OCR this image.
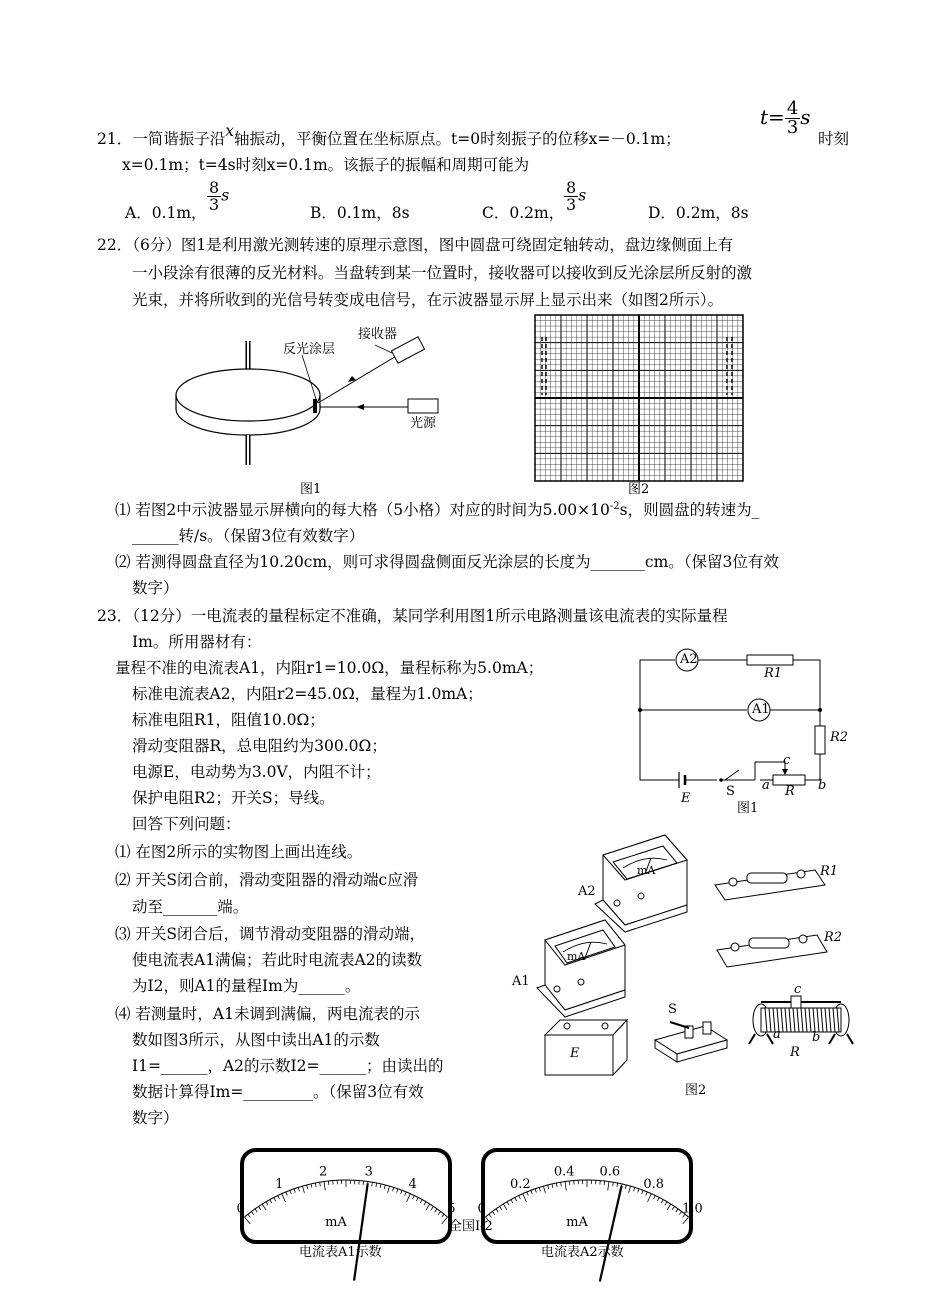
21．一简谐振子沿x轴振动，平衡位置在坐标原点。t=0时刻振子的位移x=－0.1m；
$t= \frac{4}{3}$ s
时刻
x=0.1m；t=4s时刻x=0.1m。该振子的振幅和周期可能为
A．0.1m， $\frac{8}{3}$ s
B．0.1m，8s	C．0.2m， $\frac{8}{3}$ s
D．0.2m，8s
22．（6分）图1是利用激光测转速的原理示意图，图中圆盘可绕固定轴转动，盘边缘侧面上有
一小段涂有很薄的反光材料。当盘转到某一位置时，接收器可以接收到反光涂层所反射的激
光束，并将所收到的光信号转变成电信号，在示波器显示屏上显示出来（如图2所示）。
反光涂层
接收器
光源
图1	图2
⑴ 若图2中示波器显示屏横向的每大格（5小格）对应的时间为$5.00\times 10^{-2}s$，则圆盘的转速为_
______转/s。（保留3位有效数字）
⑵ 若测得圆盘直径为10.20cm，则可求得圆盘侧面反光涂层的长度为_______cm。（保留3位有效
数字）
23．（12分）一电流表的量程标定不准确，某同学利用图1所示电路测量该电流表的实际量程
Im。所用器材有：
量程不准的电流表A1，内阻r1=10.0Ω，量程标称为5.0mA；
标准电流表A2，内阻r2=45.0Ω，量程为1.0mA；
标准电阻R1，阻值10.0Ω；
滑动变阻器R，总电阻约为300.0Ω；
电源E，电动势为3.0V，内阻不计；
保护电阻R2；开关S；导线。
回答下列问题：
⑴ 在图2所示的实物图上画出连线。
⑵ 开关S闭合前，滑动变阻器的滑动端c应滑
动至_______端。
⑶ 开关S闭合后，调节滑动变阻器的滑动端，
使电流表A1满偏；若此时电流表A2的读数
为I2，则A1的量程Im为______。
⑷ 若测量时，A1未调到满偏，两电流表的示
数如图3所示，从图中读出A1的示数
I1=______，A2的示数I2=______；由读出的
数据计算得Im=_________。（保留3位有效
数字）
A2
A1
R1
R2
c
a	b
R
E	S
图1
mA
mA
A2
R1
A1
R2
S
E
c
a b
R
图2
0
1
2	3
4
5
mA
0
0.2
0.4 0.6
0.8
1.0
mA
电流表A1示数	电流表A2示数
全国Ⅰ-2
